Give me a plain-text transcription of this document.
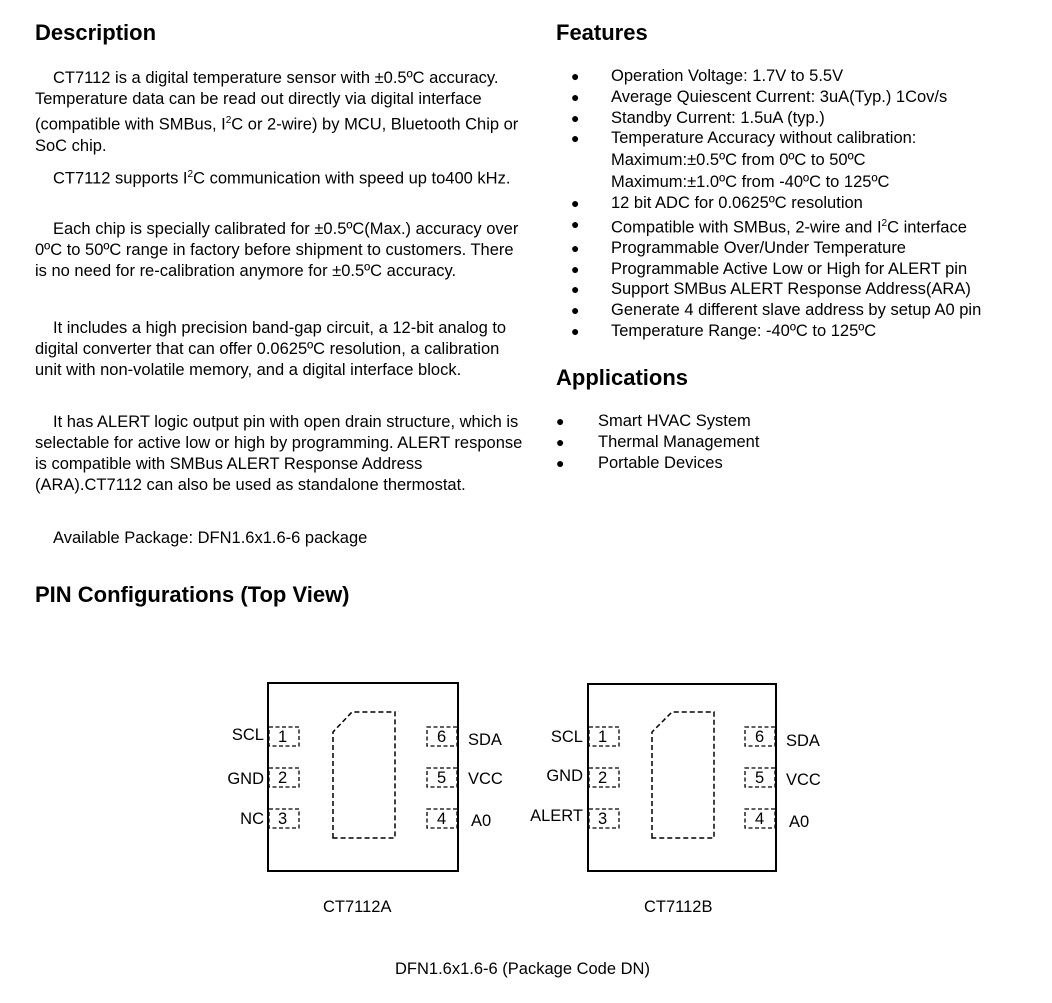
Description

CT7112 is a digital temperature sensor with ±0.5ºC accuracy. Temperature data can be read out directly via digital interface (compatible with SMBus, $I^2C$ or 2-wire) by MCU, Bluetooth Chip or SoC chip.

CT7112 supports $I^2C$ communication with speed up to400 kHz.

Each chip is specially calibrated for ±0.5ºC(Max.) accuracy over 0ºC to 50ºC range in factory before shipment to customers. There is no need for re-calibration anymore for ±0.5ºC accuracy.

It includes a high precision band-gap circuit, a 12-bit analog to digital converter that can offer 0.0625ºC resolution, a calibration unit with non-volatile memory, and a digital interface block.

It has ALERT logic output pin with open drain structure, which is selectable for active low or high by programming. ALERT response is compatible with SMBus ALERT Response Address (ARA).CT7112 can also be used as standalone thermostat.

Available Package: DFN1.6x1.6-6 package

Features
● Operation Voltage: 1.7V to 5.5V
● Average Quiescent Current: 3uA(Typ.) 1Cov/s
● Standby Current: 1.5uA (typ.)
● Temperature Accuracy without calibration:
Maximum:±0.5ºC from 0ºC to 50ºC
Maximum:±1.0ºC from -40ºC to 125ºC
● 12 bit ADC for 0.0625ºC resolution
● Compatible with SMBus, 2-wire and $I^2C$ interface
● Programmable Over/Under Temperature
● Programmable Active Low or High for ALERT pin
● Support SMBus ALERT Response Address(ARA)
● Generate 4 different slave address by setup A0 pin
● Temperature Range: -40ºC to 125ºC
Applications
● Smart HVAC System
● Thermal Management
● Portable Devices
PIN Configurations (Top View)
SCL
GND
NC
1
2
3
6
5
4
SDA
VCC
A0
SCL
GND
ALERT
1
2
3
6
5
4
SDA
VCC
A0
CT7112A	CT7112B
DFN1.6x1.6-6 (Package Code DN)
